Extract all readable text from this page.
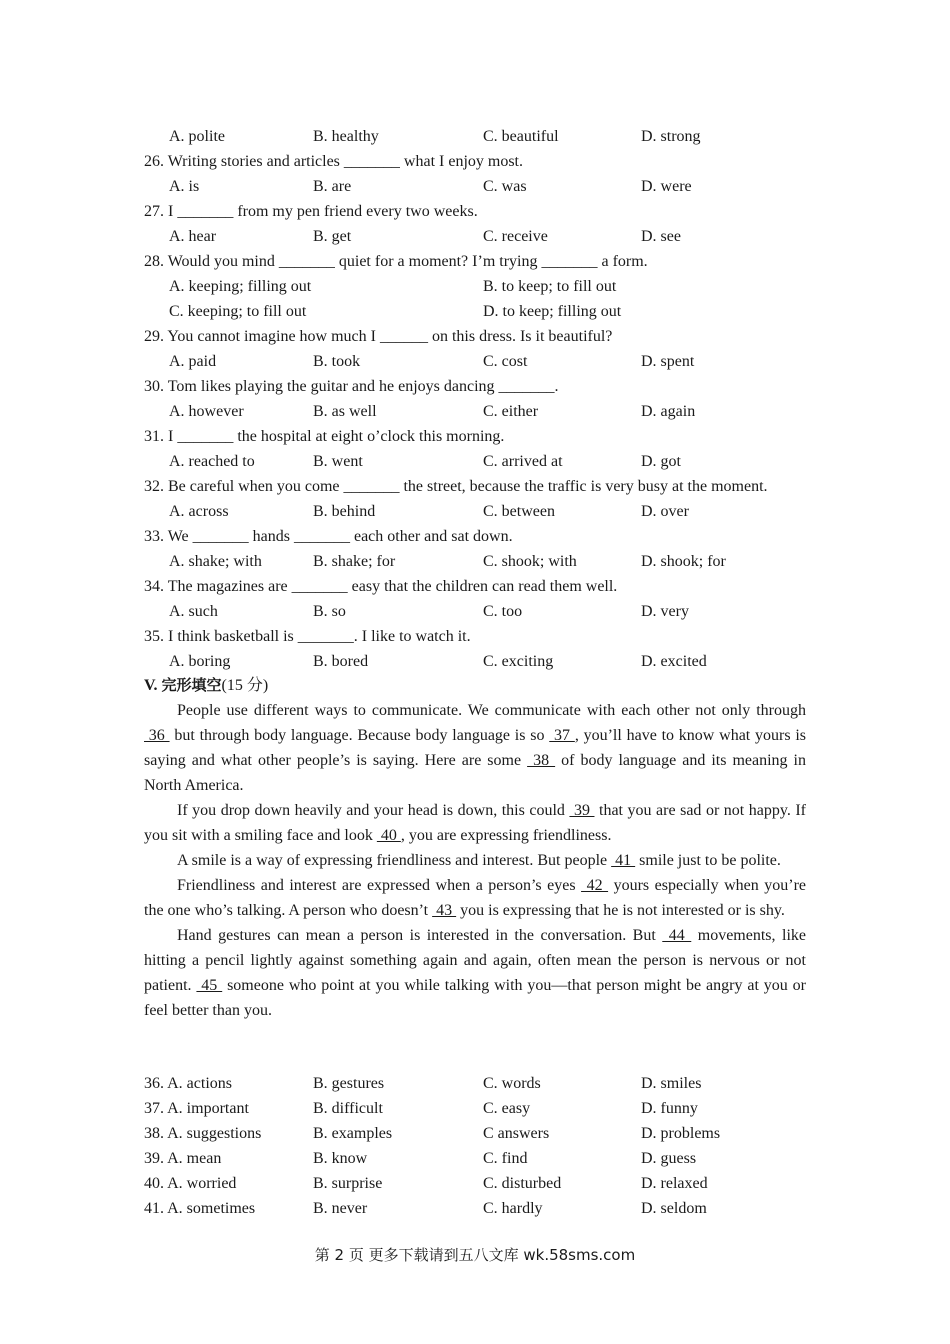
A. polite	B. healthy	C. beautiful	D. strong
26. Writing stories and articles _______ what I enjoy most.
A. is	B. are	C. was	D. were
27. I _______ from my pen friend every two weeks.
A. hear	B. get	C. receive	D. see
28. Would you mind _______ quiet for a moment? I’m trying _______ a form.
A. keeping; filling out	B. to keep; to fill out
C. keeping; to fill out	D. to keep; filling out
29. You cannot imagine how much I ______ on this dress. Is it beautiful?
A. paid	B. took	C. cost	D. spent
30. Tom likes playing the guitar and he enjoys dancing _______.
A. however	B. as well	C. either	D. again
31. I _______ the hospital at eight o’clock this morning.
A. reached to	B. went	C. arrived at	D. got
32. Be careful when you come _______ the street, because the traffic is very busy at the moment.
A. across	B. behind	C. between	D. over
33. We _______ hands _______ each other and sat down.
A. shake; with	B. shake; for	C. shook; with	D. shook; for
34. The magazines are _______ easy that the children can read them well.
A. such	B. so	C. too	D. very
35. I think basketball is _______. I like to watch it.
A. boring	B. bored	C. exciting	D. excited
V. 完形填空(15 分)

People use different ways to communicate. We communicate with each other not only through  36  but through body language. Because body language is so  37 , you’ll have to know what yours is saying and what other people’s is saying. Here are some  38  of body language and its meaning in North America.

If you drop down heavily and your head is down, this could  39  that you are sad or not happy. If you sit with a smiling face and look  40 , you are expressing friendliness.

A smile is a way of expressing friendliness and interest. But people  41  smile just to be polite.

Friendliness and interest are expressed when a person’s eyes  42  yours especially when you’re the one who’s talking. A person who doesn’t  43  you is expressing that he is not interested or is shy.

Hand gestures can mean a person is interested in the conversation. But  44  movements, like hitting a pencil lightly against something again and again, often mean the person is nervous or not patient.  45  someone who point at you while talking with you—that person might be angry at you or feel better than you.

36. A. actions	B. gestures	C. words	D. smiles
37. A. important	B. difficult	C. easy	D. funny
38. A. suggestions	B. examples	C answers	D. problems
39. A. mean	B. know	C. find	D. guess
40. A. worried	B. surprise	C. disturbed	D. relaxed
41. A. sometimes	B. never	C. hardly	D. seldom
第 2 页 更多下载请到五八文库 wk.58sms.com
